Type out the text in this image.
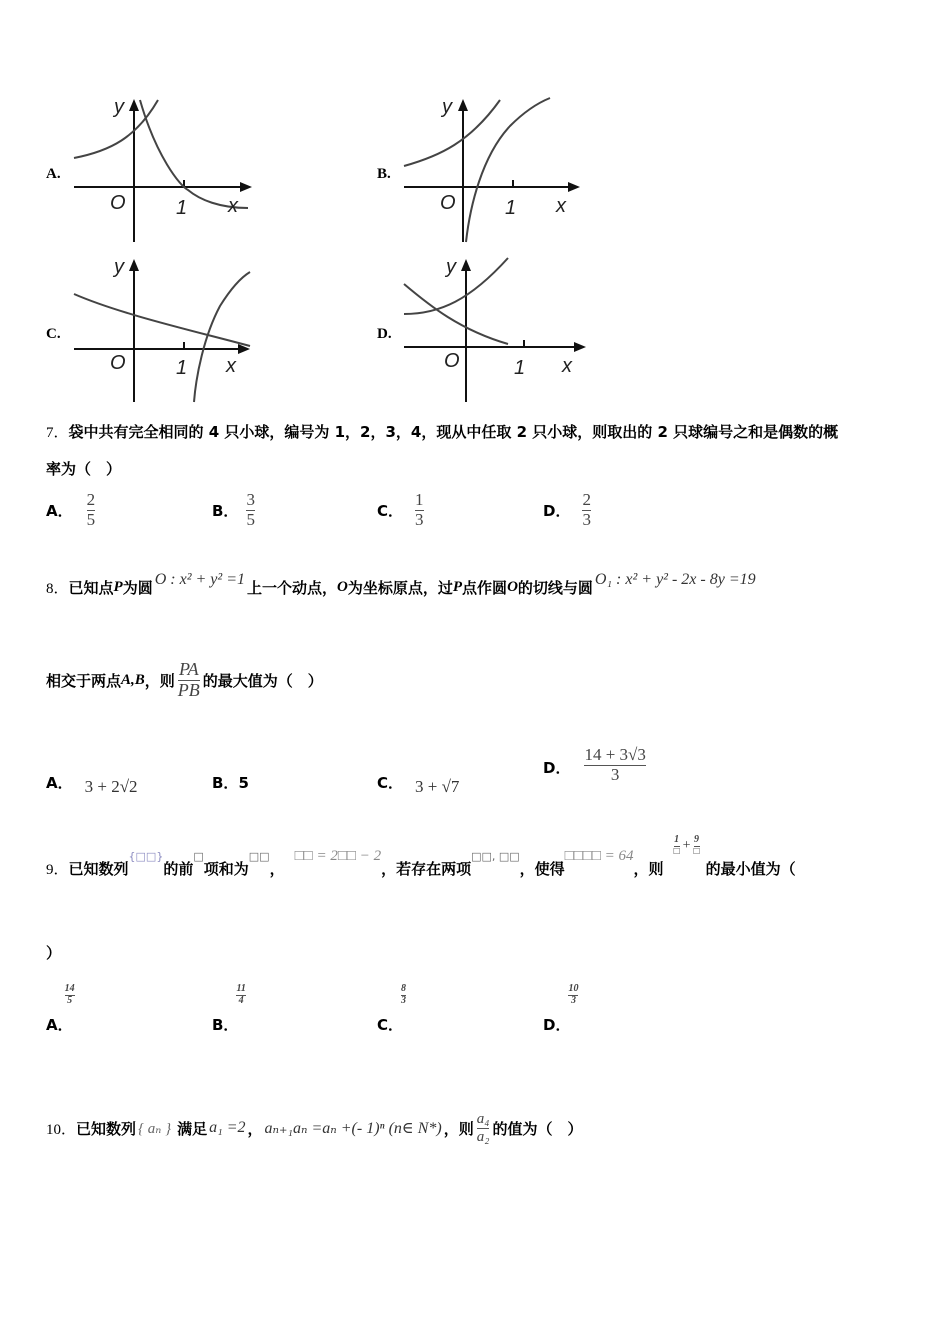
A.
y
O	1 x
B.
y
O 1 x
C.
y
O	1 x
D.
y
O	1 x
7．袋中共有完全相同的 4 只小球，编号为 1，2，3，4，现从中任取 2 只小球，则取出的 2 只球编号之和是偶数的概
率为（　）
A． $\frac{2}{5}$	B． $\frac{3}{5}$	C． $\frac{1}{3}$	D． $\frac{2}{3}$
8． 已知点 P 为圆 O : x² + y² =1 上一个动点， O 为坐标原点，过 P 点作圆 O 的切线与圆 O₁ : x² + y² - 2x - 8y =19
相交于两点 A,B ，则 $\frac{PA}{PB}$ 的最大值为（　）
A． 3 + 2√2	B．5	C． 3 + √7
D． $\frac{14 + 3√3}{3}$
9． 已知数列
{□□}
的前
□
项和为
□□
，
□□ = 2□□ − 2
，若存在两项
□□, □□
，使得
□□□□ = 64
，则
1
□ + 9
□
的最小值为（
）
A．
14
5
B．
11
4
C．
8
3
D．
10
3
10． 已知数列 { aₙ } 满足 a₁ =2 ， aₙ₊₁aₙ =aₙ +(- 1)ⁿ (n∈ N*) ，则 $\frac{\text{a₄}}{\text{a₂}}$ 的值为（　）
